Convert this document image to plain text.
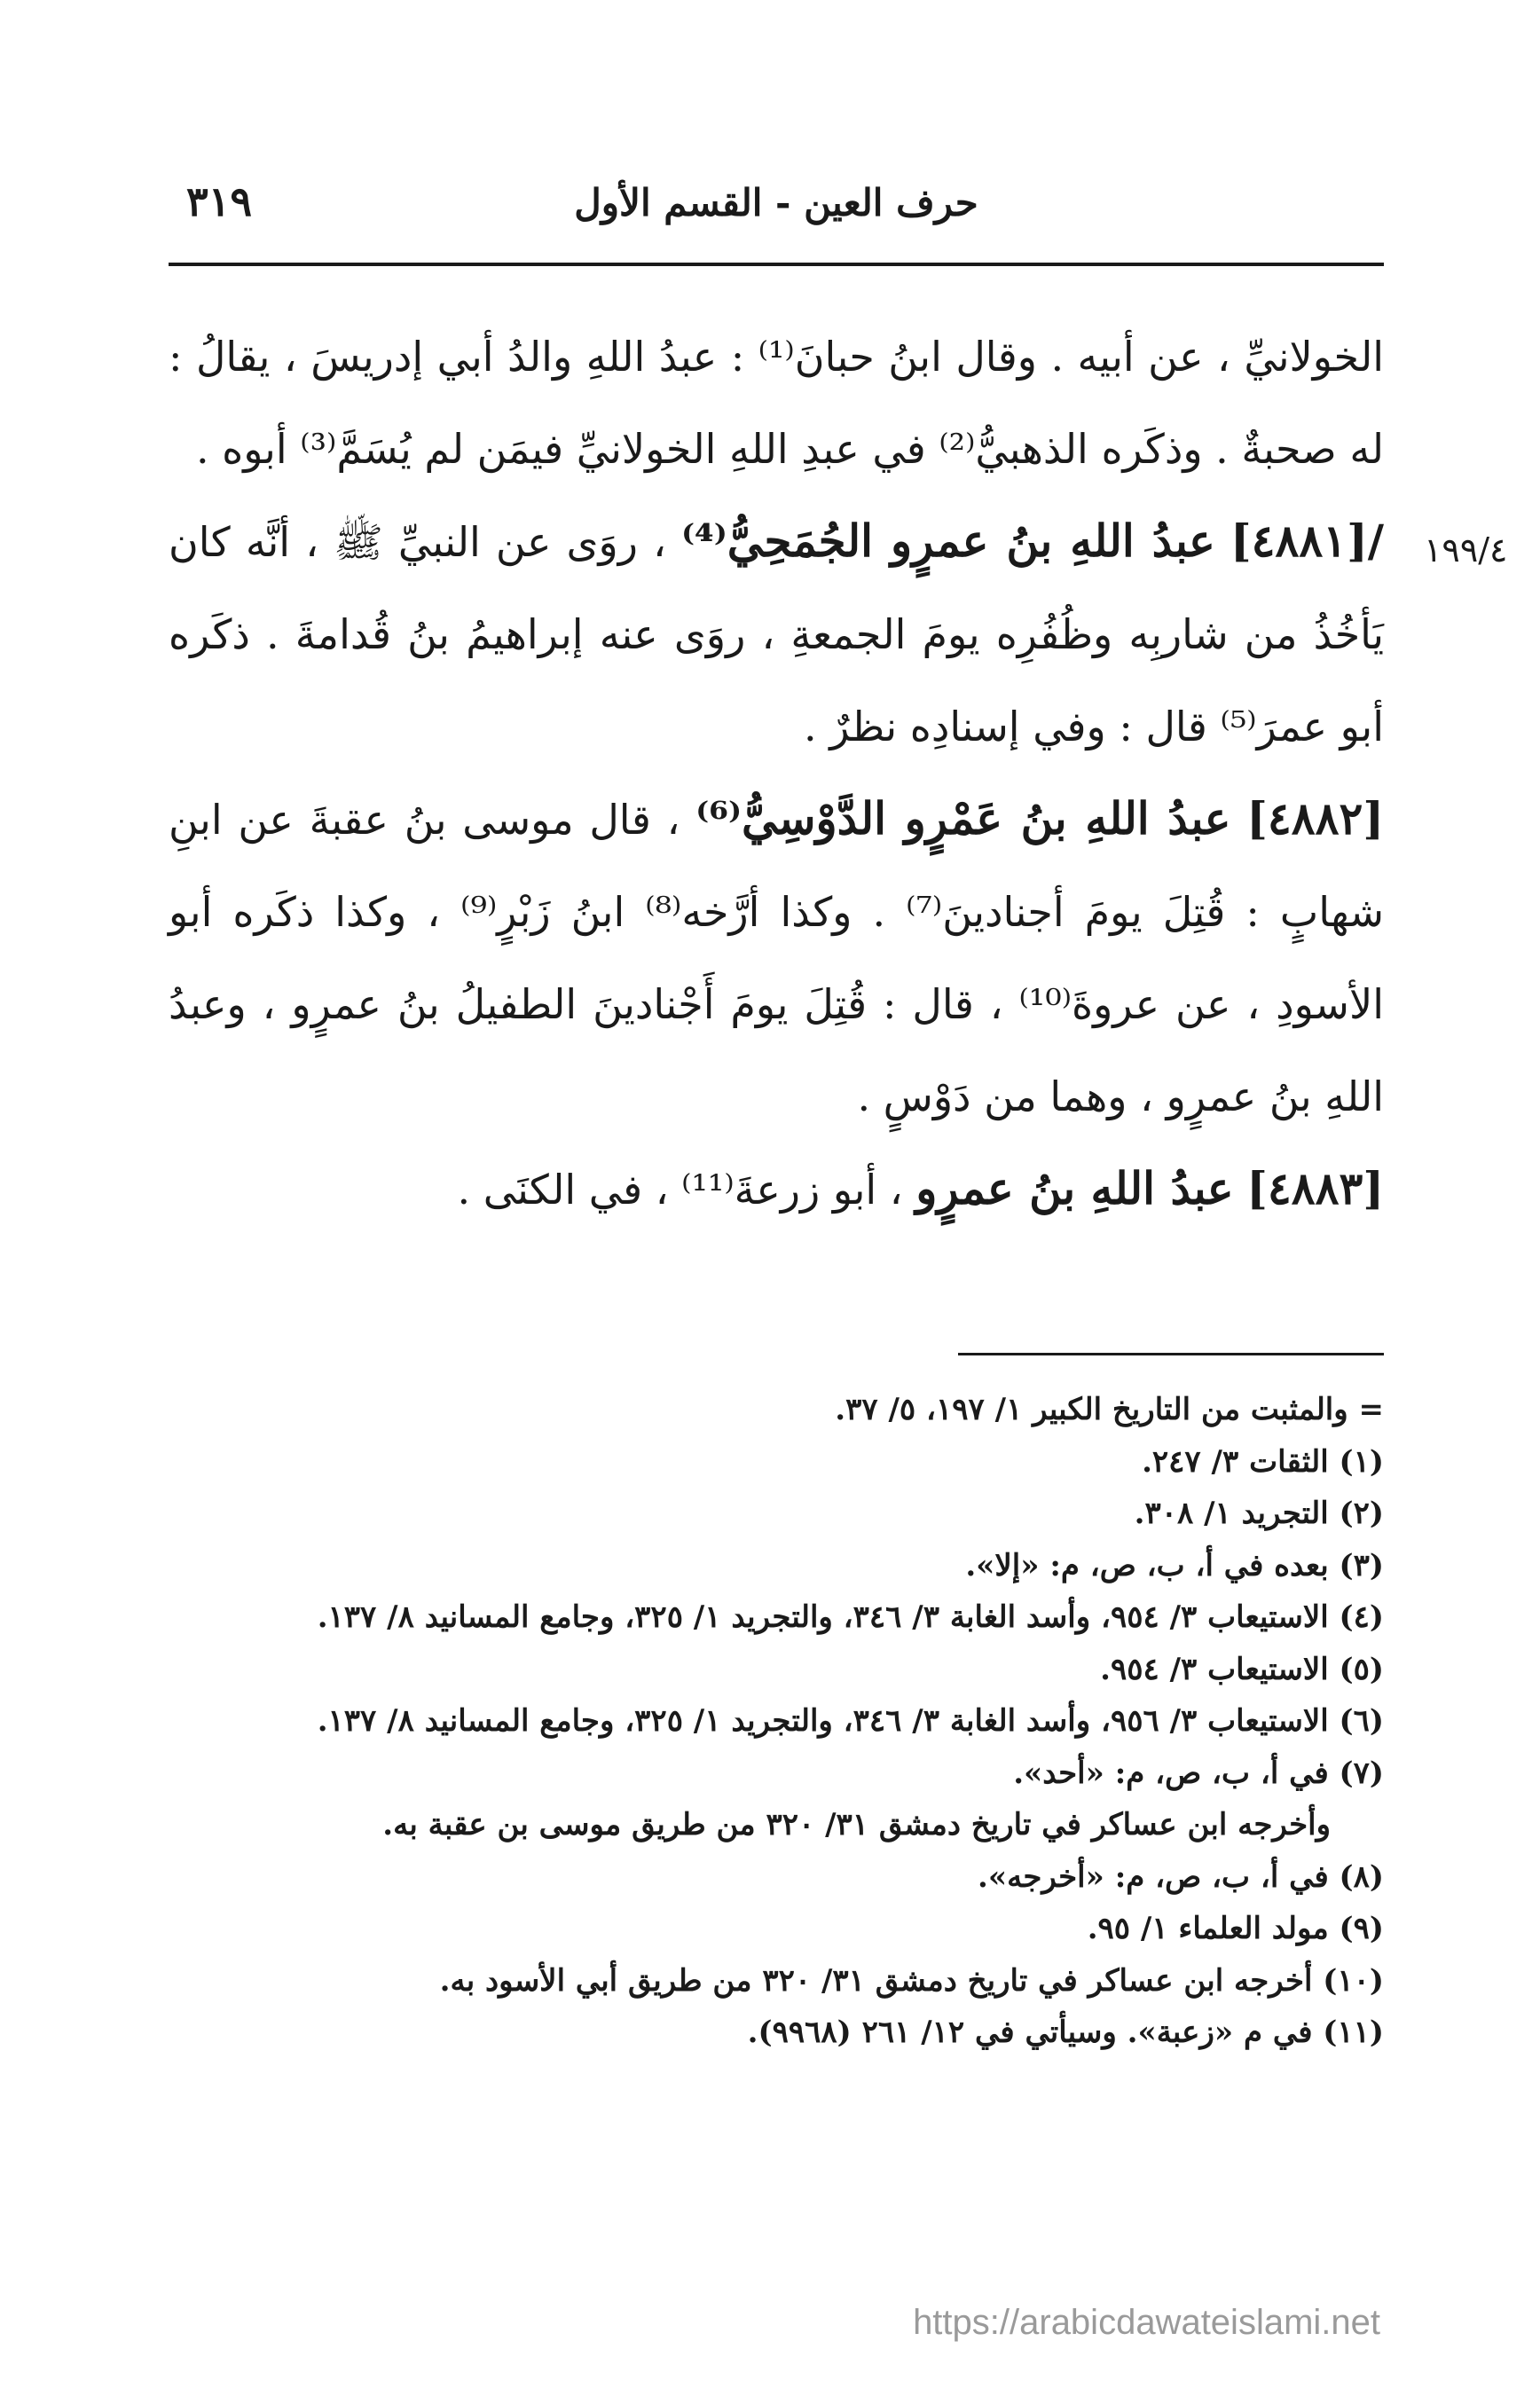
٣١٩	حرف العين - القسم الأول
١٩٩/٤

الخولانيِّ ، عن أبيه . وقال ابنُ حبانَ⁽¹⁾ : عبدُ اللهِ والدُ أبي إدريسَ ، يقالُ : له صحبةٌ . وذكَره الذهبيُّ⁽²⁾ في عبدِ اللهِ الخولانيِّ فيمَن لم يُسَمَّ⁽³⁾ أبوه .

/[٤٨٨١] عبدُ اللهِ بنُ عمرٍو الجُمَحِيُّ⁽⁴⁾ ، روَى عن النبيِّ ﷺ ، أنَّه كان يَأخُذُ من شاربِه وظُفُرِه يومَ الجمعةِ ، روَى عنه إبراهيمُ بنُ قُدامةَ . ذكَره أبو عمرَ⁽⁵⁾ قال : وفي إسنادِه نظرٌ .

[٤٨٨٢] عبدُ اللهِ بنُ عَمْرٍو الدَّوْسِيُّ⁽⁶⁾ ، قال موسى بنُ عقبةَ عن ابنِ شهابٍ : قُتِلَ يومَ أجنادينَ⁽⁷⁾ . وكذا أرَّخه⁽⁸⁾ ابنُ زَبْرٍ⁽⁹⁾ ، وكذا ذكَره أبو الأسودِ ، عن عروةَ⁽¹⁰⁾ ، قال : قُتِلَ يومَ أَجْنادينَ الطفيلُ بنُ عمرٍو ، وعبدُ اللهِ بنُ عمرٍو ، وهما من دَوْسٍ .

[٤٨٨٣] عبدُ اللهِ بنُ عمرٍو ، أبو زرعةَ⁽¹¹⁾ ، في الكنَى .

= والمثبت من التاريخ الكبير ١/ ١٩٧، ٥/ ٣٧.

(١) الثقات ٣/ ٢٤٧.

(٢) التجريد ١/ ٣٠٨.

(٣) بعده في أ، ب، ص، م: «إلا».

(٤) الاستيعاب ٣/ ٩٥٤، وأسد الغابة ٣/ ٣٤٦، والتجريد ١/ ٣٢٥، وجامع المسانيد ٨/ ١٣٧.

(٥) الاستيعاب ٣/ ٩٥٤.

(٦) الاستيعاب ٣/ ٩٥٦، وأسد الغابة ٣/ ٣٤٦، والتجريد ١/ ٣٢٥، وجامع المسانيد ٨/ ١٣٧.

(٧) في أ، ب، ص، م: «أحد».

وأخرجه ابن عساكر في تاريخ دمشق ٣١/ ٣٢٠ من طريق موسى بن عقبة به.

(٨) في أ، ب، ص، م: «أخرجه».

(٩) مولد العلماء ١/ ٩٥.

(١٠) أخرجه ابن عساكر في تاريخ دمشق ٣١/ ٣٢٠ من طريق أبي الأسود به.

(١١) في م «زعبة». وسيأتي في ١٢/ ٢٦١ (٩٩٦٨).

https://arabicdawateislami.net
